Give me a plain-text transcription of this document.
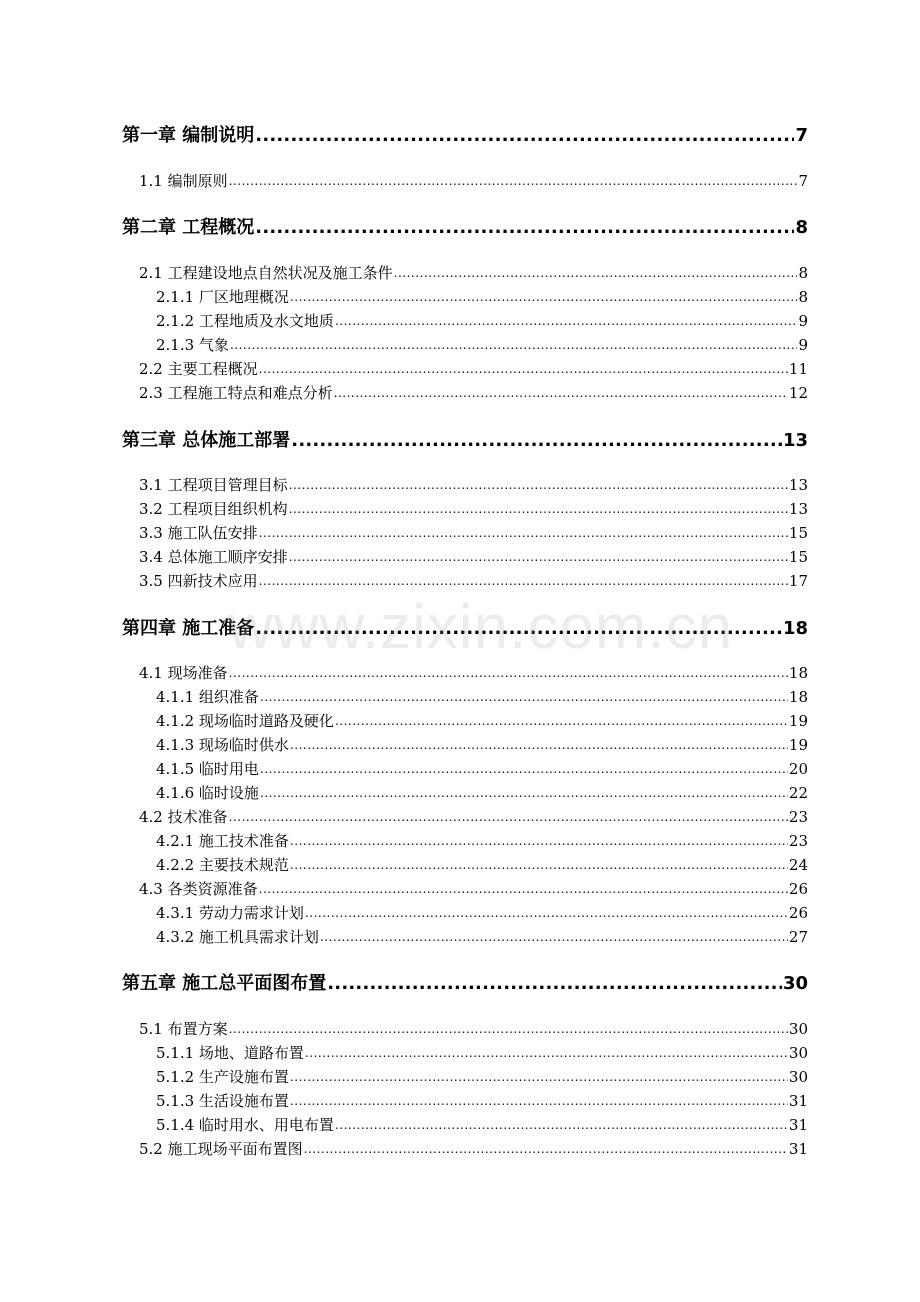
第一章 编制说明 .....	7
1.1 编制原则 .....	7
第二章 工程概况 .....	8
2.1 工程建设地点自然状况及施工条件 .....	8
2.1.1 厂区地理概况 .....	8
2.1.2 工程地质及水文地质 .....	9
2.1.3 气象 .....	9
2.2 主要工程概况 .....	11
2.3 工程施工特点和难点分析 .....	12
第三章 总体施工部署 .....	13
3.1 工程项目管理目标 .....	13
3.2 工程项目组织机构 .....	13
3.3 施工队伍安排 .....	15
3.4 总体施工顺序安排 .....	15
3.5 四新技术应用 .....	17
第四章 施工准备 .....	18
4.1 现场准备 .....	18
4.1.1 组织准备 .....	18
4.1.2 现场临时道路及硬化 .....	19
4.1.3 现场临时供水 .....	19
4.1.5 临时用电 .....	20
4.1.6 临时设施 .....	22
4.2 技术准备 .....	23
4.2.1 施工技术准备 .....	23
4.2.2 主要技术规范 .....	24
4.3 各类资源准备 .....	26
4.3.1 劳动力需求计划 .....	26
4.3.2 施工机具需求计划 .....	27
第五章 施工总平面图布置 .....	30
5.1 布置方案 .....	30
5.1.1 场地、道路布置 .....	30
5.1.2 生产设施布置 .....	30
5.1.3 生活设施布置 .....	31
5.1.4 临时用水、用电布置 .....	31
5.2 施工现场平面布置图 .....	31
www.zixin.com.cn
